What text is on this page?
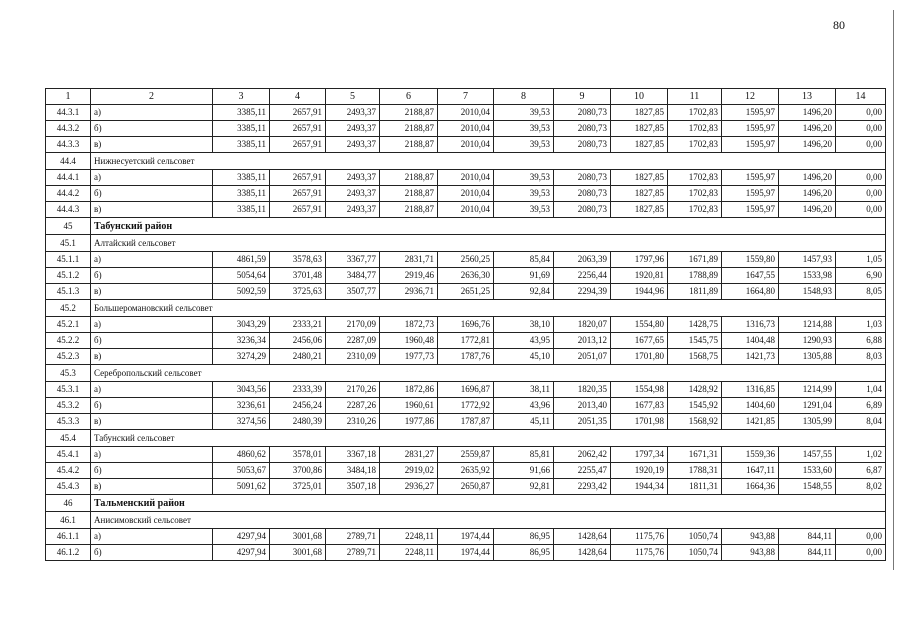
80
1	2	3	4	5	6	7	8	9	10	11	12	13	14
44.3.1	а)	3385,11	2657,91	2493,37	2188,87	2010,04	39,53	2080,73	1827,85	1702,83	1595,97	1496,20	0,00
44.3.2	б)	3385,11	2657,91	2493,37	2188,87	2010,04	39,53	2080,73	1827,85	1702,83	1595,97	1496,20	0,00
44.3.3	в)	3385,11	2657,91	2493,37	2188,87	2010,04	39,53	2080,73	1827,85	1702,83	1595,97	1496,20	0,00
44.4	Нижнесуетский сельсовет												
44.4.1	а)	3385,11	2657,91	2493,37	2188,87	2010,04	39,53	2080,73	1827,85	1702,83	1595,97	1496,20	0,00
44.4.2	б)	3385,11	2657,91	2493,37	2188,87	2010,04	39,53	2080,73	1827,85	1702,83	1595,97	1496,20	0,00
44.4.3	в)	3385,11	2657,91	2493,37	2188,87	2010,04	39,53	2080,73	1827,85	1702,83	1595,97	1496,20	0,00
45	Табунский район												
45.1	Алтайский сельсовет												
45.1.1	а)	4861,59	3578,63	3367,77	2831,71	2560,25	85,84	2063,39	1797,96	1671,89	1559,80	1457,93	1,05
45.1.2	б)	5054,64	3701,48	3484,77	2919,46	2636,30	91,69	2256,44	1920,81	1788,89	1647,55	1533,98	6,90
45.1.3	в)	5092,59	3725,63	3507,77	2936,71	2651,25	92,84	2294,39	1944,96	1811,89	1664,80	1548,93	8,05
45.2	Большеромановский сельсовет												
45.2.1	а)	3043,29	2333,21	2170,09	1872,73	1696,76	38,10	1820,07	1554,80	1428,75	1316,73	1214,88	1,03
45.2.2	б)	3236,34	2456,06	2287,09	1960,48	1772,81	43,95	2013,12	1677,65	1545,75	1404,48	1290,93	6,88
45.2.3	в)	3274,29	2480,21	2310,09	1977,73	1787,76	45,10	2051,07	1701,80	1568,75	1421,73	1305,88	8,03
45.3	Серебропольский сельсовет												
45.3.1	а)	3043,56	2333,39	2170,26	1872,86	1696,87	38,11	1820,35	1554,98	1428,92	1316,85	1214,99	1,04
45.3.2	б)	3236,61	2456,24	2287,26	1960,61	1772,92	43,96	2013,40	1677,83	1545,92	1404,60	1291,04	6,89
45.3.3	в)	3274,56	2480,39	2310,26	1977,86	1787,87	45,11	2051,35	1701,98	1568,92	1421,85	1305,99	8,04
45.4	Табунский сельсовет												
45.4.1	а)	4860,62	3578,01	3367,18	2831,27	2559,87	85,81	2062,42	1797,34	1671,31	1559,36	1457,55	1,02
45.4.2	б)	5053,67	3700,86	3484,18	2919,02	2635,92	91,66	2255,47	1920,19	1788,31	1647,11	1533,60	6,87
45.4.3	в)	5091,62	3725,01	3507,18	2936,27	2650,87	92,81	2293,42	1944,34	1811,31	1664,36	1548,55	8,02
46	Тальменский район												
46.1	Анисимовский сельсовет												
46.1.1	а)	4297,94	3001,68	2789,71	2248,11	1974,44	86,95	1428,64	1175,76	1050,74	943,88	844,11	0,00
46.1.2	б)	4297,94	3001,68	2789,71	2248,11	1974,44	86,95	1428,64	1175,76	1050,74	943,88	844,11	0,00
